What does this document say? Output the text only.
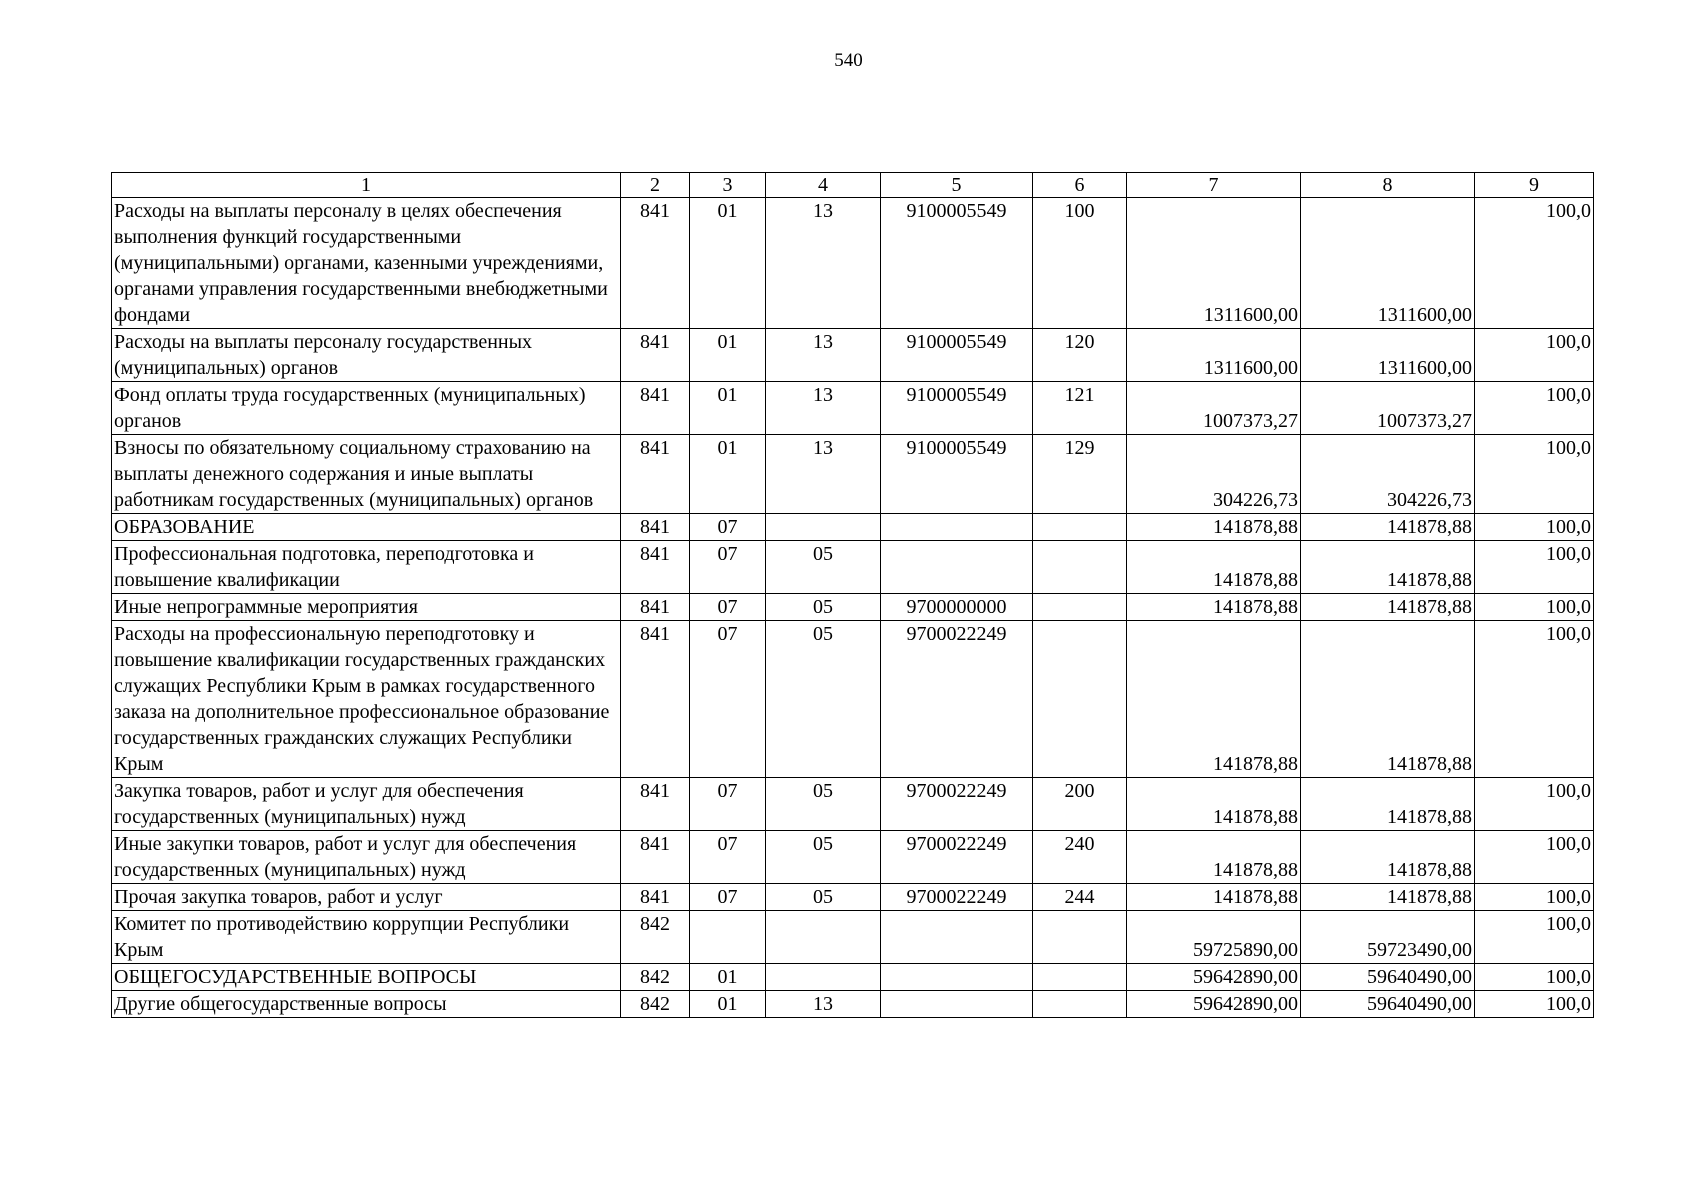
540
1	2	3	4	5	6	7	8	9
Расходы на выплаты персоналу в целях обеспечения выполнения функций государственными (муниципальными) органами, казенными учреждениями, органами управления государственными внебюджетными фондами	841	01	13	9100005549	100	1311600,00	1311600,00	100,0
Расходы на выплаты персоналу государственных (муниципальных) органов	841	01	13	9100005549	120	1311600,00	1311600,00	100,0
Фонд оплаты труда государственных (муниципальных) органов	841	01	13	9100005549	121	1007373,27	1007373,27	100,0
Взносы по обязательному социальному страхованию на выплаты денежного содержания и иные выплаты работникам государственных (муниципальных) органов	841	01	13	9100005549	129	304226,73	304226,73	100,0
ОБРАЗОВАНИЕ	841	07				141878,88	141878,88	100,0
Профессиональная подготовка, переподготовка и повышение квалификации	841	07	05			141878,88	141878,88	100,0
Иные непрограммные мероприятия	841	07	05	9700000000		141878,88	141878,88	100,0
Расходы на профессиональную переподготовку и повышение квалификации государственных гражданских служащих Республики Крым в рамках государственного заказа на дополнительное профессиональное образование государственных гражданских служащих Республики Крым	841	07	05	9700022249		141878,88	141878,88	100,0
Закупка товаров, работ и услуг для обеспечения государственных (муниципальных) нужд	841	07	05	9700022249	200	141878,88	141878,88	100,0
Иные закупки товаров, работ и услуг для обеспечения государственных (муниципальных) нужд	841	07	05	9700022249	240	141878,88	141878,88	100,0
Прочая закупка товаров, работ и услуг	841	07	05	9700022249	244	141878,88	141878,88	100,0
Комитет по противодействию коррупции Республики Крым	842					59725890,00	59723490,00	100,0
ОБЩЕГОСУДАРСТВЕННЫЕ ВОПРОСЫ	842	01				59642890,00	59640490,00	100,0
Другие общегосударственные вопросы	842	01	13			59642890,00	59640490,00	100,0
